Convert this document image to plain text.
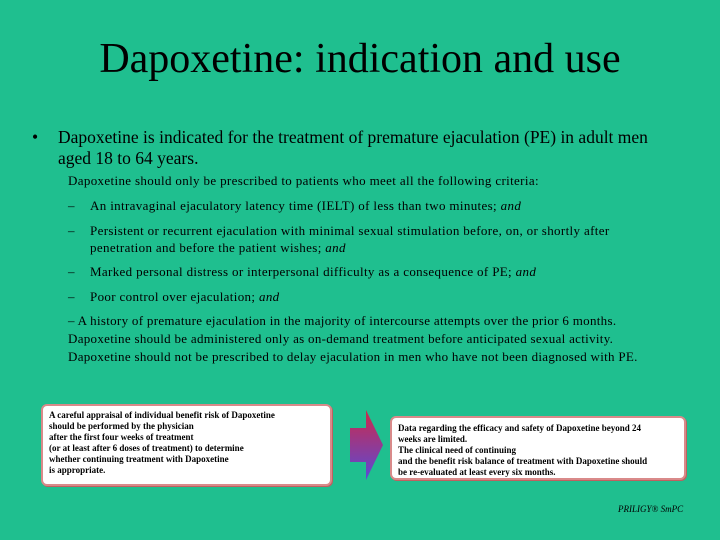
Dapoxetine: indication and use
• Dapoxetine is indicated for the treatment of premature ejaculation (PE) in adult men aged 18 to 64 years.
Dapoxetine should only be prescribed to patients who meet all the following criteria:
– An intravaginal ejaculatory latency time (IELT) of less than two minutes; and
– Persistent or recurrent ejaculation with minimal sexual stimulation before, on, or shortly after penetration and before the patient wishes; and
– Marked personal distress or interpersonal difficulty as a consequence of PE; and
– Poor control over ejaculation; and
– A history of premature ejaculation in the majority of intercourse attempts over the prior 6 months.
Dapoxetine should be administered only as on-demand treatment before anticipated sexual activity.
Dapoxetine should not be prescribed to delay ejaculation in men who have not been diagnosed with PE.
A careful appraisal of individual benefit risk of Dapoxetine
should be performed by the physician
after the first four weeks of treatment
(or at least after 6 doses of treatment) to determine
whether continuing treatment with Dapoxetine
is appropriate.
Data regarding the efficacy and safety of Dapoxetine beyond 24
weeks are limited.
The clinical need of continuing
and the benefit risk balance of treatment with Dapoxetine should
be re-evaluated at least every six months.
PRILIGY® SmPC
